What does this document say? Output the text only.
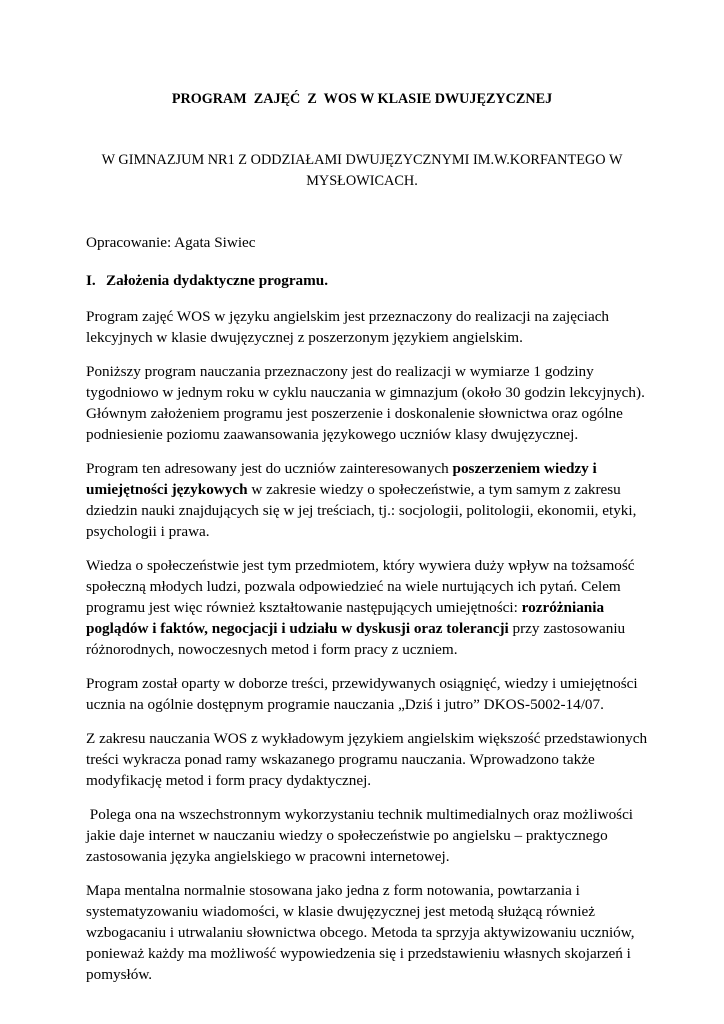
PROGRAM  ZAJĘĆ  Z  WOS W KLASIE DWUJĘZYCZNEJ
W GIMNAZJUM NR1 Z ODDZIAŁAMI DWUJĘZYCZNYMI IM.W.KORFANTEGO W
MYSŁOWICACH.
Opracowanie: Agata Siwiec
I. Założenia dydaktyczne programu.
Program zajęć WOS w języku angielskim jest przeznaczony do realizacji na zajęciach
lekcyjnych w klasie dwujęzycznej z poszerzonym językiem angielskim.
Poniższy program nauczania przeznaczony jest do realizacji w wymiarze 1 godziny
tygodniowo w jednym roku w cyklu nauczania w gimnazjum (około 30 godzin lekcyjnych).
Głównym założeniem programu jest poszerzenie i doskonalenie słownictwa oraz ogólne
podniesienie poziomu zaawansowania językowego uczniów klasy dwujęzycznej.
Program ten adresowany jest do uczniów zainteresowanych poszerzeniem wiedzy i
umiejętności językowych w zakresie wiedzy o społeczeństwie, a tym samym z zakresu
dziedzin nauki znajdujących się w jej treściach, tj.: socjologii, politologii, ekonomii, etyki,
psychologii i prawa.
Wiedza o społeczeństwie jest tym przedmiotem, który wywiera duży wpływ na tożsamość
społeczną młodych ludzi, pozwala odpowiedzieć na wiele nurtujących ich pytań. Celem
programu jest więc również kształtowanie następujących umiejętności: rozróżniania
poglądów i faktów, negocjacji i udziału w dyskusji oraz tolerancji przy zastosowaniu
różnorodnych, nowoczesnych metod i form pracy z uczniem.
Program został oparty w doborze treści, przewidywanych osiągnięć, wiedzy i umiejętności
ucznia na ogólnie dostępnym programie nauczania „Dziś i jutro” DKOS-5002-14/07.
Z zakresu nauczania WOS z wykładowym językiem angielskim większość przedstawionych
treści wykracza ponad ramy wskazanego programu nauczania. Wprowadzono także
modyfikację metod i form pracy dydaktycznej.
Polega ona na wszechstronnym wykorzystaniu technik multimedialnych oraz możliwości
jakie daje internet w nauczaniu wiedzy o społeczeństwie po angielsku – praktycznego
zastosowania języka angielskiego w pracowni internetowej.
Mapa mentalna normalnie stosowana jako jedna z form notowania, powtarzania i
systematyzowaniu wiadomości, w klasie dwujęzycznej jest metodą służącą również
wzbogacaniu i utrwalaniu słownictwa obcego. Metoda ta sprzyja aktywizowaniu uczniów,
ponieważ każdy ma możliwość wypowiedzenia się i przedstawieniu własnych skojarzeń i
pomysłów.
